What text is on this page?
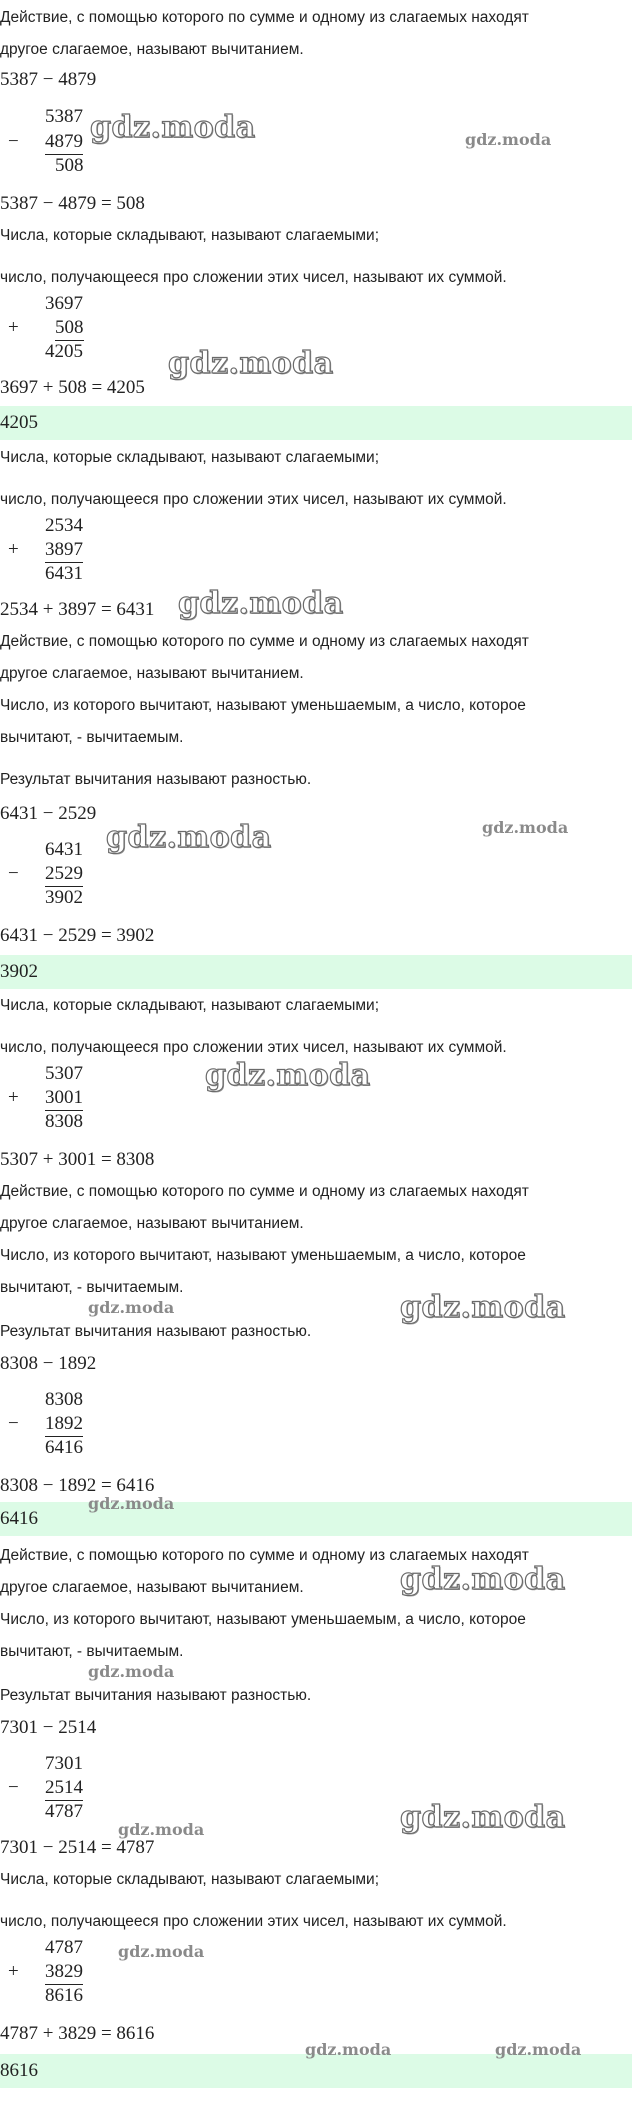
Действие, с помощью которого по сумме и одному из слагаемых находят
другое слагаемое, называют вычитанием.
5387 − 4879
5387
− 4879
508
5387 − 4879 = 508
Числа, которые складывают, называют слагаемыми;
число, получающееся про сложении этих чисел, называют их суммой.
3697
+ 508
4205
3697 + 508 = 4205
4205
Числа, которые складывают, называют слагаемыми;
число, получающееся про сложении этих чисел, называют их суммой.
2534
+ 3897
6431
2534 + 3897 = 6431
Действие, с помощью которого по сумме и одному из слагаемых находят
другое слагаемое, называют вычитанием.
Число, из которого вычитают, называют уменьшаемым, а число, которое
вычитают, - вычитаемым.
Результат вычитания называют разностью.
6431 − 2529
6431
− 2529
3902
6431 − 2529 = 3902
3902
Числа, которые складывают, называют слагаемыми;
число, получающееся про сложении этих чисел, называют их суммой.
5307
+ 3001
8308
5307 + 3001 = 8308
Действие, с помощью которого по сумме и одному из слагаемых находят
другое слагаемое, называют вычитанием.
Число, из которого вычитают, называют уменьшаемым, а число, которое
вычитают, - вычитаемым.
Результат вычитания называют разностью.
8308 − 1892
8308
− 1892
6416
8308 − 1892 = 6416
6416
Действие, с помощью которого по сумме и одному из слагаемых находят
другое слагаемое, называют вычитанием.
Число, из которого вычитают, называют уменьшаемым, а число, которое
вычитают, - вычитаемым.
Результат вычитания называют разностью.
7301 − 2514
7301
− 2514
4787
7301 − 2514 = 4787
Числа, которые складывают, называют слагаемыми;
число, получающееся про сложении этих чисел, называют их суммой.
4787
+ 3829
8616
4787 + 3829 = 8616
8616
gdz.moda	gdz.moda
gdz.moda
gdz.moda
gdz.moda
gdz.moda
gdz.moda
gdz.moda	gdz.moda
gdz.moda
gdz.moda
gdz.moda
gdz.moda	gdz.moda
gdz.moda
gdz.moda	gdz.moda
